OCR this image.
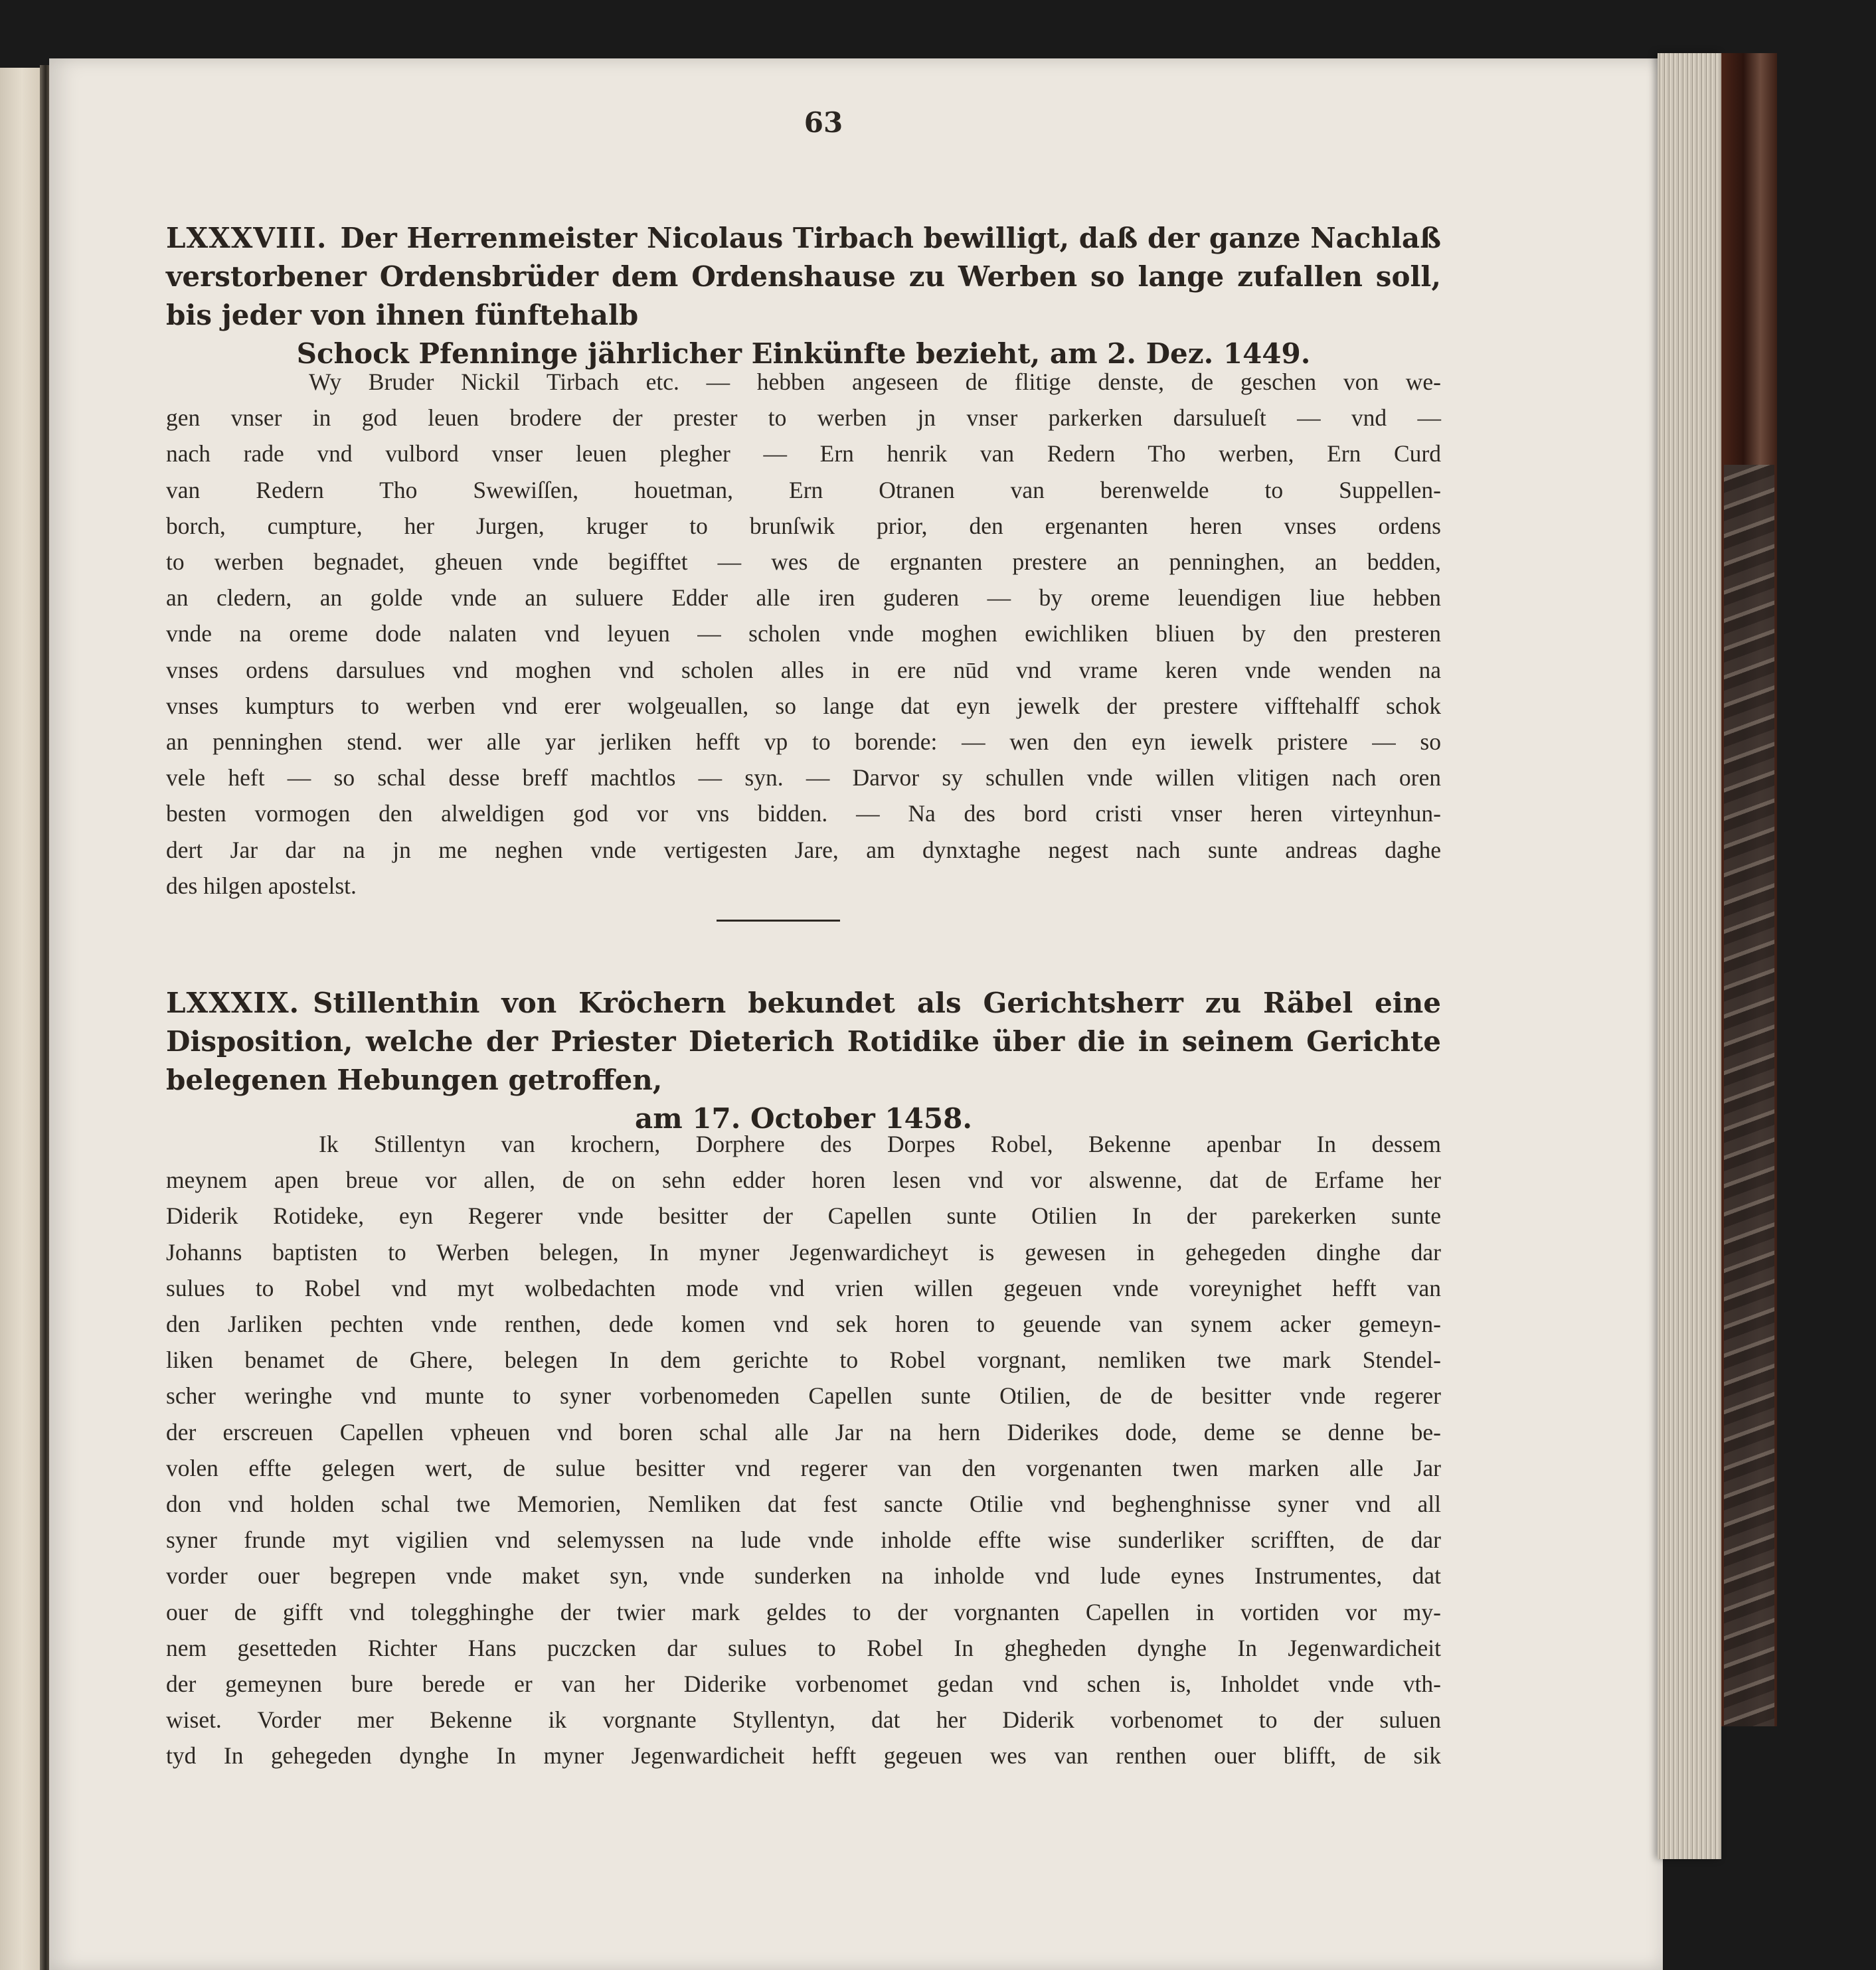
63
LXXXVIII. Der Herrenmeister Nicolaus Tirbach bewilligt, daß der ganze Nachlaß verstorbener Ordensbrüder dem Ordenshause zu Werben so lange zufallen soll, bis jeder von ihnen fünftehalb
Schock Pfenninge jährlicher Einkünfte bezieht, am 2. Dez. 1449.
Wy Bruder Nickil Tirbach etc. — hebben angeseen de flitige denste, de geschen von we-
gen vnser in god leuen brodere der prester to werben jn vnser parkerken darsulueſt — vnd —
nach rade vnd vulbord vnser leuen plegher — Ern henrik van Redern Tho werben, Ern Curd
van Redern Tho Swewiſſen, houetman, Ern Otranen van berenwelde to Suppellen-
borch, cumpture, her Jurgen, kruger to brunſwik prior, den ergenanten heren vnses ordens
to werben begnadet, gheuen vnde begifftet — wes de ergnanten prestere an penninghen, an bedden,
an cledern, an golde vnde an suluere Edder alle iren guderen — by oreme leuendigen liue hebben
vnde na oreme dode nalaten vnd leyuen — scholen vnde moghen ewichliken bliuen by den presteren
vnses ordens darsulues vnd moghen vnd scholen alles in ere nūd vnd vrame keren vnde wenden na
vnses kumpturs to werben vnd erer wolgeuallen, so lange dat eyn jewelk der prestere vifftehalff schok
an penninghen stend. wer alle yar jerliken hefft vp to borende: — wen den eyn iewelk pristere — so
vele heft — so schal desse breff machtlos — syn. — Darvor sy schullen vnde willen vlitigen nach oren
besten vormogen den alweldigen god vor vns bidden. — Na des bord cristi vnser heren virteynhun-
dert Jar dar na jn me neghen vnde vertigesten Jare, am dynxtaghe negest nach sunte andreas daghe
des hilgen apostelst.
LXXXIX. Stillenthin von Kröchern bekundet als Gerichtsherr zu Räbel eine Disposition, welche der Priester Dieterich Rotidike über die in seinem Gerichte belegenen Hebungen getroffen,
am 17. October 1458.
Ik Stillentyn van krochern, Dorphere des Dorpes Robel, Bekenne apenbar In dessem
meynem apen breue vor allen, de on sehn edder horen lesen vnd vor alswenne, dat de Erfame her
Diderik Rotideke, eyn Regerer vnde besitter der Capellen sunte Otilien In der parekerken sunte
Johanns baptisten to Werben belegen, In myner Jegenwardicheyt is gewesen in gehegeden dinghe dar
sulues to Robel vnd myt wolbedachten mode vnd vrien willen gegeuen vnde voreynighet hefft van
den Jarliken pechten vnde renthen, dede komen vnd sek horen to geuende van synem acker gemeyn-
liken benamet de Ghere, belegen In dem gerichte to Robel vorgnant, nemliken twe mark Stendel-
scher weringhe vnd munte to syner vorbenomeden Capellen sunte Otilien, de de besitter vnde regerer
der erscreuen Capellen vpheuen vnd boren schal alle Jar na hern Diderikes dode, deme se denne be-
volen effte gelegen wert, de sulue besitter vnd regerer van den vorgenanten twen marken alle Jar
don vnd holden schal twe Memorien, Nemliken dat fest sancte Otilie vnd beghenghnisse syner vnd all
syner frunde myt vigilien vnd selemyssen na lude vnde inholde effte wise sunderliker scrifften, de dar
vorder ouer begrepen vnde maket syn, vnde sunderken na inholde vnd lude eynes Instrumentes, dat
ouer de gifft vnd tolegghinghe der twier mark geldes to der vorgnanten Capellen in vortiden vor my-
nem gesetteden Richter Hans puczcken dar sulues to Robel In ghegheden dynghe In Jegenwardicheit
der gemeynen bure berede er van her Diderike vorbenomet gedan vnd schen is, Inholdet vnde vth-
wiset. Vorder mer Bekenne ik vorgnante Styllentyn, dat her Diderik vorbenomet to der suluen
tyd In gehegeden dynghe In myner Jegenwardicheit hefft gegeuen wes van renthen ouer blifft, de sik
